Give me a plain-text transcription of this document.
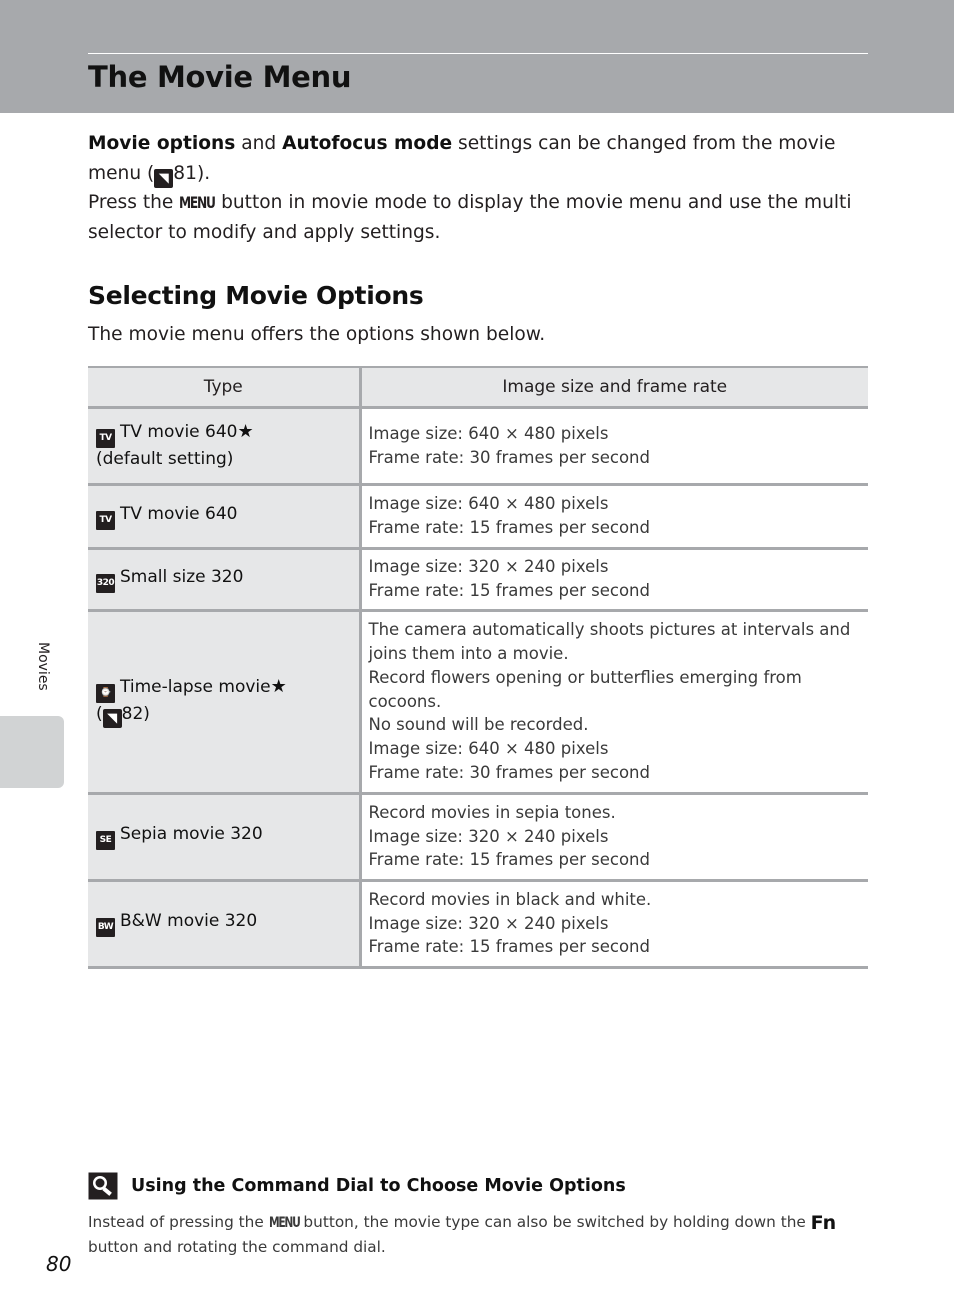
The Movie Menu

Movie options and Autofocus mode settings can be changed from the movie menu ( ◥ 81).

Press the MENU button in movie mode to display the movie menu and use the multi selector to modify and apply settings.

Selecting Movie Options

The movie menu offers the options shown below.

Type	Image size and frame rate
TV TV movie 640★
(default setting)	Image size: 640 × 480 pixels
Frame rate: 30 frames per second
TV TV movie 640	Image size: 640 × 480 pixels
Frame rate: 15 frames per second
320 Small size 320	Image size: 320 × 240 pixels
Frame rate: 15 frames per second
⌚ Time-lapse movie★
( ◥ 82)	The camera automatically shoots pictures at intervals and joins them into a movie.
Record flowers opening or butterflies emerging from cocoons.
No sound will be recorded.
Image size: 640 × 480 pixels
Frame rate: 30 frames per second
SE Sepia movie 320	Record movies in sepia tones.
Image size: 320 × 240 pixels
Frame rate: 15 frames per second
BW B&W movie 320	Record movies in black and white.
Image size: 320 × 240 pixels
Frame rate: 15 frames per second
Movies
Using the Command Dial to Choose Movie Options
Instead of pressing the MENU button, the movie type can also be switched by holding down the Fn button and rotating the command dial.
80
